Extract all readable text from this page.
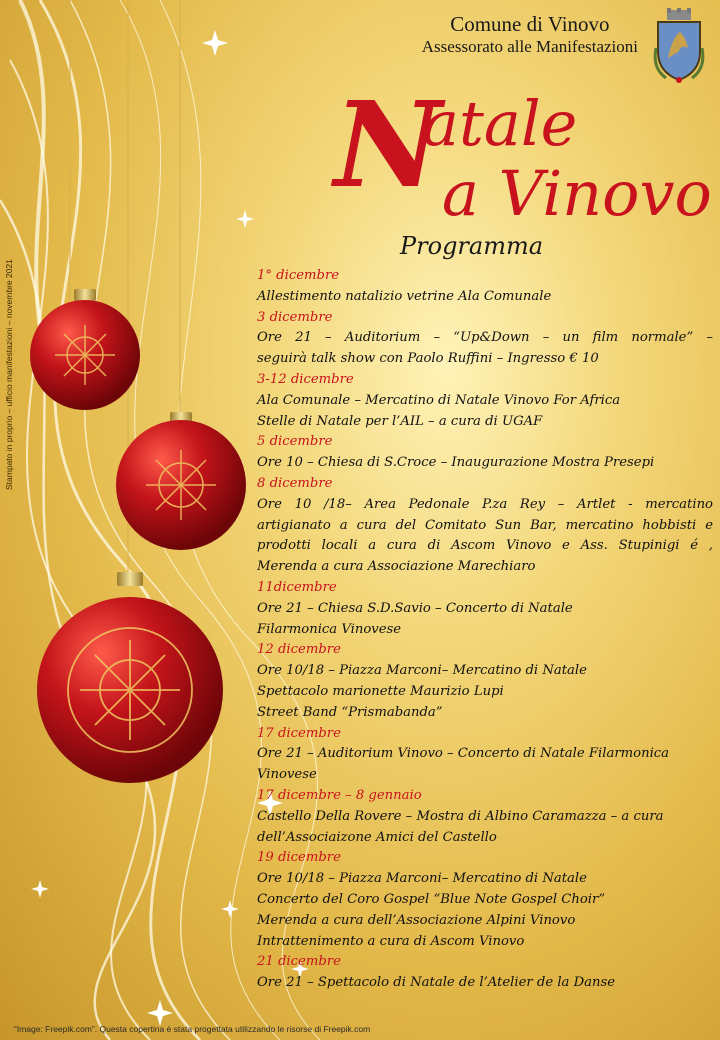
Stampato in proprio – ufficio manifestazioni – novembre 2021
Comune di Vinovo
Assessorato alle Manifestazioni
N
atale
a Vinovo
Programma
1° dicembre
Allestimento natalizio vetrine Ala Comunale
3 dicembre
Ore 21 – Auditorium – “Up&Down – un film normale” –
seguirà talk show con Paolo Ruffini – Ingresso € 10
3-12 dicembre
Ala Comunale – Mercatino di Natale Vinovo For Africa
Stelle di Natale per l’AIL – a cura di UGAF
5 dicembre
Ore 10 – Chiesa di S.Croce – Inaugurazione Mostra Presepi
8 dicembre
Ore 10 /18– Area Pedonale P.za Rey – Artlet - mercatino
artigianato a cura del Comitato Sun Bar, mercatino hobbisti e
prodotti locali a cura di Ascom Vinovo e Ass. Stupinigi é ,
Merenda a cura Associazione Marechiaro
11dicembre
Ore 21 – Chiesa S.D.Savio – Concerto di Natale
Filarmonica Vinovese
12 dicembre
Ore 10/18 – Piazza Marconi– Mercatino di Natale
Spettacolo marionette Maurizio Lupi
Street Band “Prismabanda”
17 dicembre
Ore 21 – Auditorium Vinovo – Concerto di Natale Filarmonica
Vinovese
17 dicembre – 8 gennaio
Castello Della Rovere – Mostra di Albino Caramazza – a cura
dell’Associaizone Amici del Castello
19 dicembre
Ore 10/18 – Piazza Marconi– Mercatino di Natale
Concerto del Coro Gospel “Blue Note Gospel Choir”
Merenda a cura dell’Associazione Alpini Vinovo
Intrattenimento a cura di Ascom Vinovo
21 dicembre
Ore 21 – Spettacolo di Natale de l’Atelier de la Danse
“Image: Freepik.com”. Questa copertina è stata progettata utilizzando le risorse di Freepik.com
